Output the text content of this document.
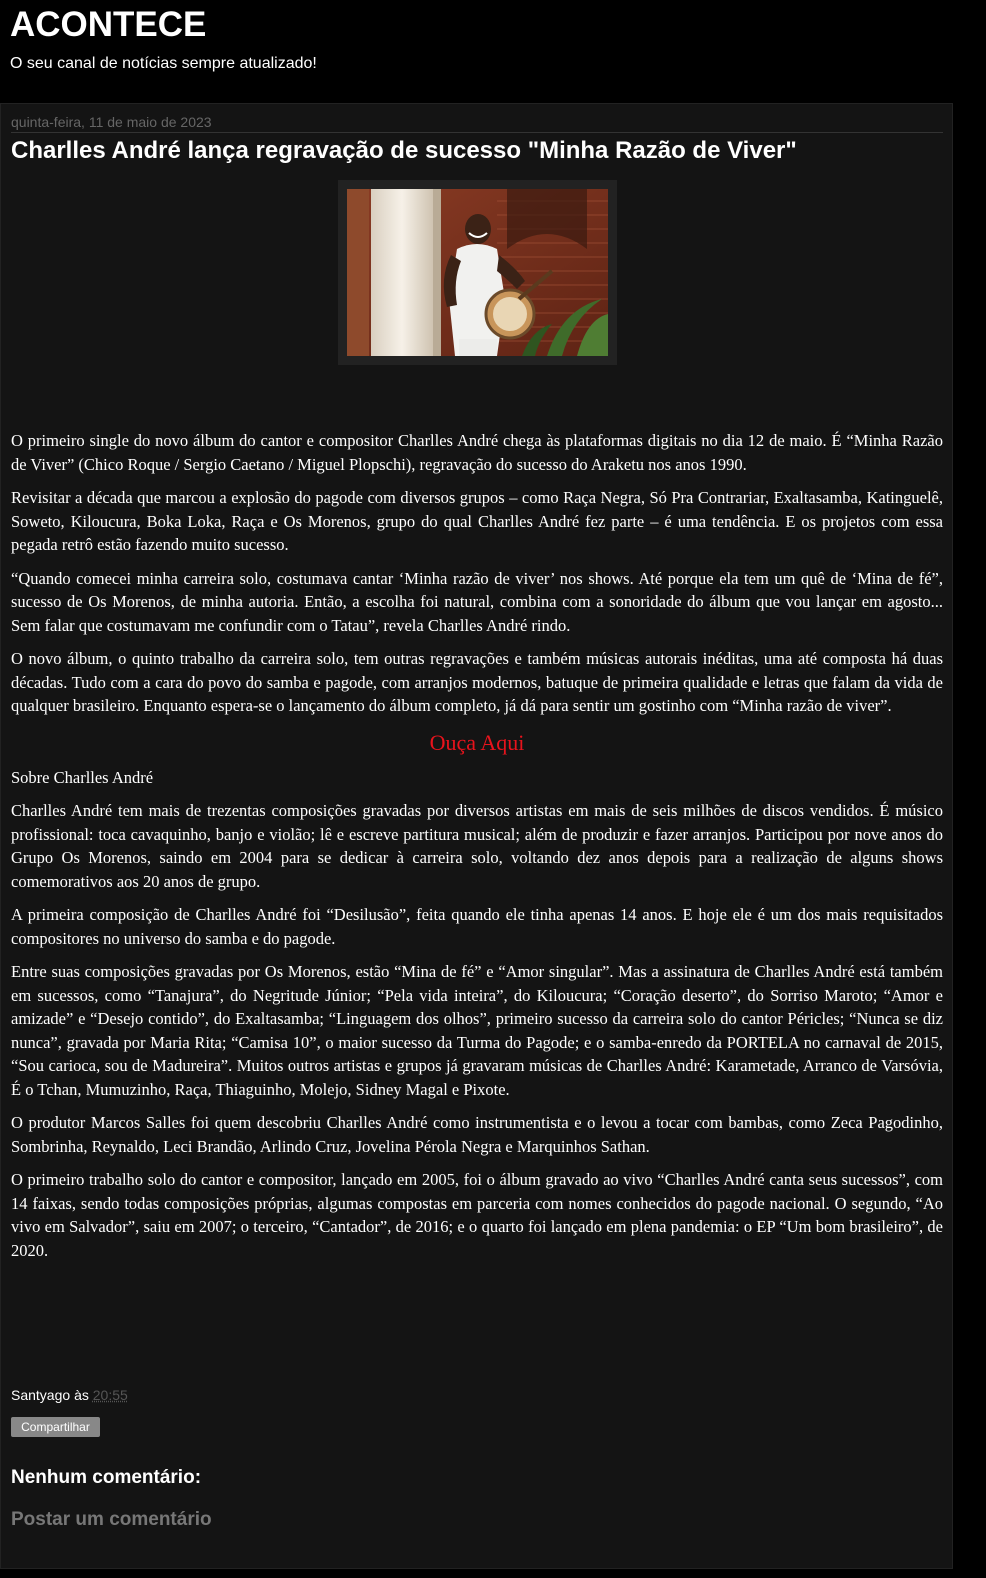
ACONTECE
O seu canal de notícias sempre atualizado!
quinta-feira, 11 de maio de 2023
Charlles André lança regravação de sucesso "Minha Razão de Viver"

O primeiro single do novo álbum do cantor e compositor Charlles André chega às plataformas digitais no dia 12 de maio. É “Minha Razão de Viver” (Chico Roque / Sergio Caetano / Miguel Plopschi), regravação do sucesso do Araketu nos anos 1990.

Revisitar a década que marcou a explosão do pagode com diversos grupos – como Raça Negra, Só Pra Contrariar, Exaltasamba, Katinguelê, Soweto, Kiloucura, Boka Loka, Raça e Os Morenos, grupo do qual Charlles André fez parte – é uma tendência. E os projetos com essa pegada retrô estão fazendo muito sucesso.

“Quando comecei minha carreira solo, costumava cantar ‘Minha razão de viver’ nos shows. Até porque ela tem um quê de ‘Mina de fé”, sucesso de Os Morenos, de minha autoria. Então, a escolha foi natural, combina com a sonoridade do álbum que vou lançar em agosto... Sem falar que costumavam me confundir com o Tatau”, revela Charlles André rindo.

O novo álbum, o quinto trabalho da carreira solo, tem outras regravações e também músicas autorais inéditas, uma até composta há duas décadas. Tudo com a cara do povo do samba e pagode, com arranjos modernos, batuque de primeira qualidade e letras que falam da vida de qualquer brasileiro. Enquanto espera-se o lançamento do álbum completo, já dá para sentir um gostinho com “Minha razão de viver”.

Ouça Aqui

Sobre Charlles André

Charlles André tem mais de trezentas composições gravadas por diversos artistas em mais de seis milhões de discos vendidos. É músico profissional: toca cavaquinho, banjo e violão; lê e escreve partitura musical; além de produzir e fazer arranjos. Participou por nove anos do Grupo Os Morenos, saindo em 2004 para se dedicar à carreira solo, voltando dez anos depois para a realização de alguns shows comemorativos aos 20 anos de grupo.

A primeira composição de Charlles André foi “Desilusão”, feita quando ele tinha apenas 14 anos. E hoje ele é um dos mais requisitados compositores no universo do samba e do pagode.

Entre suas composições gravadas por Os Morenos, estão “Mina de fé” e “Amor singular”. Mas a assinatura de Charlles André está também em sucessos, como “Tanajura”, do Negritude Júnior; “Pela vida inteira”, do Kiloucura; “Coração deserto”, do Sorriso Maroto; “Amor e amizade” e “Desejo contido”, do Exaltasamba; “Linguagem dos olhos”, primeiro sucesso da carreira solo do cantor Péricles; “Nunca se diz nunca”, gravada por Maria Rita; “Camisa 10”, o maior sucesso da Turma do Pagode; e o samba-enredo da PORTELA no carnaval de 2015, “Sou carioca, sou de Madureira”. Muitos outros artistas e grupos já gravaram músicas de Charlles André: Karametade, Arranco de Varsóvia, É o Tchan, Mumuzinho, Raça, Thiaguinho, Molejo, Sidney Magal e Pixote.

O produtor Marcos Salles foi quem descobriu Charlles André como instrumentista e o levou a tocar com bambas, como Zeca Pagodinho, Sombrinha, Reynaldo, Leci Brandão, Arlindo Cruz, Jovelina Pérola Negra e Marquinhos Sathan.

O primeiro trabalho solo do cantor e compositor, lançado em 2005, foi o álbum gravado ao vivo “Charlles André canta seus sucessos”, com 14 faixas, sendo todas composições próprias, algumas compostas em parceria com nomes conhecidos do pagode nacional. O segundo, “Ao vivo em Salvador”, saiu em 2007; o terceiro, “Cantador”, de 2016; e o quarto foi lançado em plena pandemia: o EP “Um bom brasileiro”, de 2020.

Santyago às 20:55
Compartilhar
Nenhum comentário:
Postar um comentário
